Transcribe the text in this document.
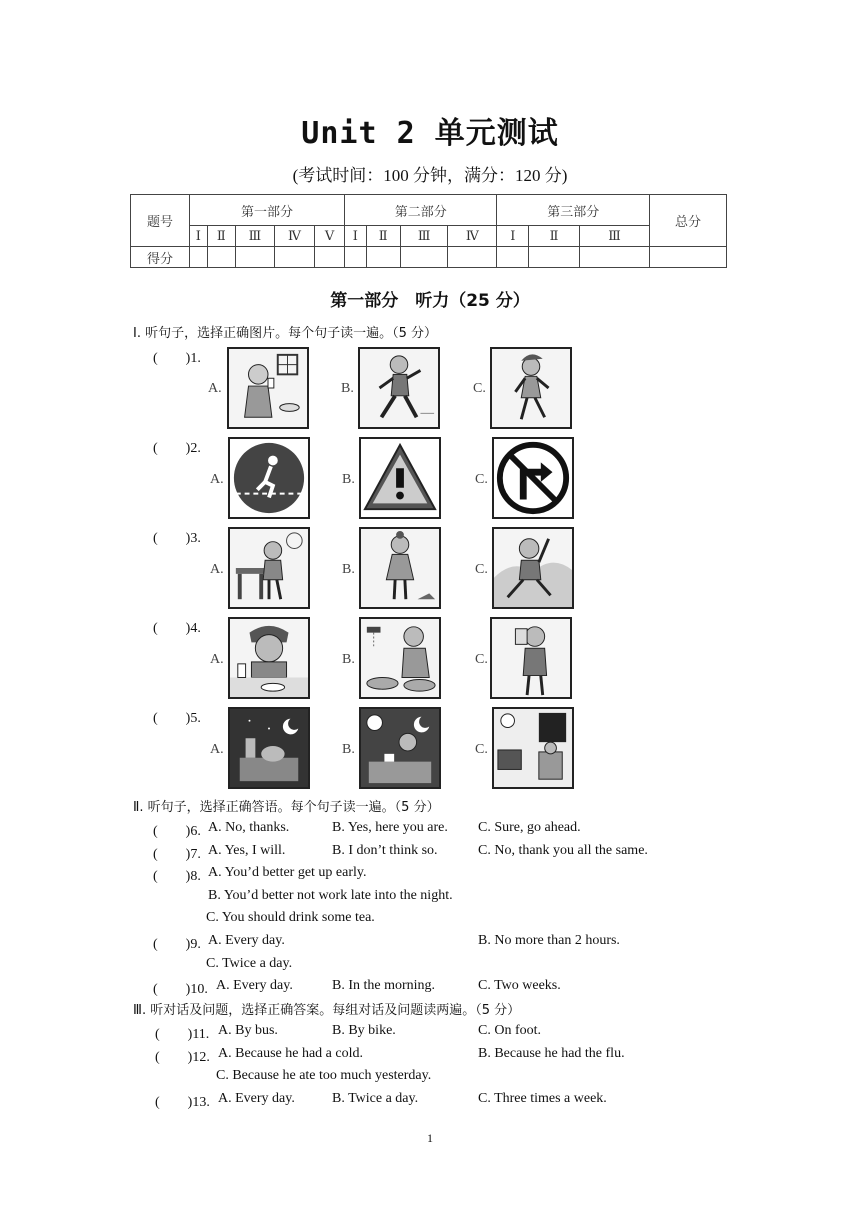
Unit 2 单元测试
(考试时间：100 分钟，满分：120 分)
题号	第一部分					第二部分				第三部分			总分
	Ⅰ	Ⅱ	Ⅲ	Ⅳ	Ⅴ	Ⅰ	Ⅱ	Ⅲ	Ⅳ	Ⅰ	Ⅱ	Ⅲ	
得分													
第一部分　听力（25 分）
Ⅰ. 听句子，选择正确图片。每个句子读一遍。（5 分）
(　　)1.
A.	B.	C.
(　　)2.
A.	B.	C.
(　　)3.
A.	B.	C.
(　　)4.
A.	B.	C.
(　　)5.
A.	B.	C.
Ⅱ. 听句子，选择正确答语。每个句子读一遍。（5 分）
(　　)6. A. No, thanks.	B. Yes, here you are. C. Sure, go ahead.
(　　)7. A. Yes, I will.	B. I don’t think so.	C. No, thank you all the same.
(　　)8. A. You’d better get up early.
B. You’d better not work late into the night.
C. You should drink some tea.
(　　)9. A. Every day.	B. No more than 2 hours.
C. Twice a day.
(　　)10. A. Every day.	B. In the morning.	C. Two weeks.
Ⅲ. 听对话及问题，选择正确答案。每组对话及问题读两遍。（5 分）
(　　)11. A. By bus.	B. By bike.	C. On foot.
(　　)12. A. Because he had a cold.	B. Because he had the flu.
C. Because he ate too much yesterday.
(　　)13. A. Every day.	B. Twice a day.	C. Three times a week.
1
